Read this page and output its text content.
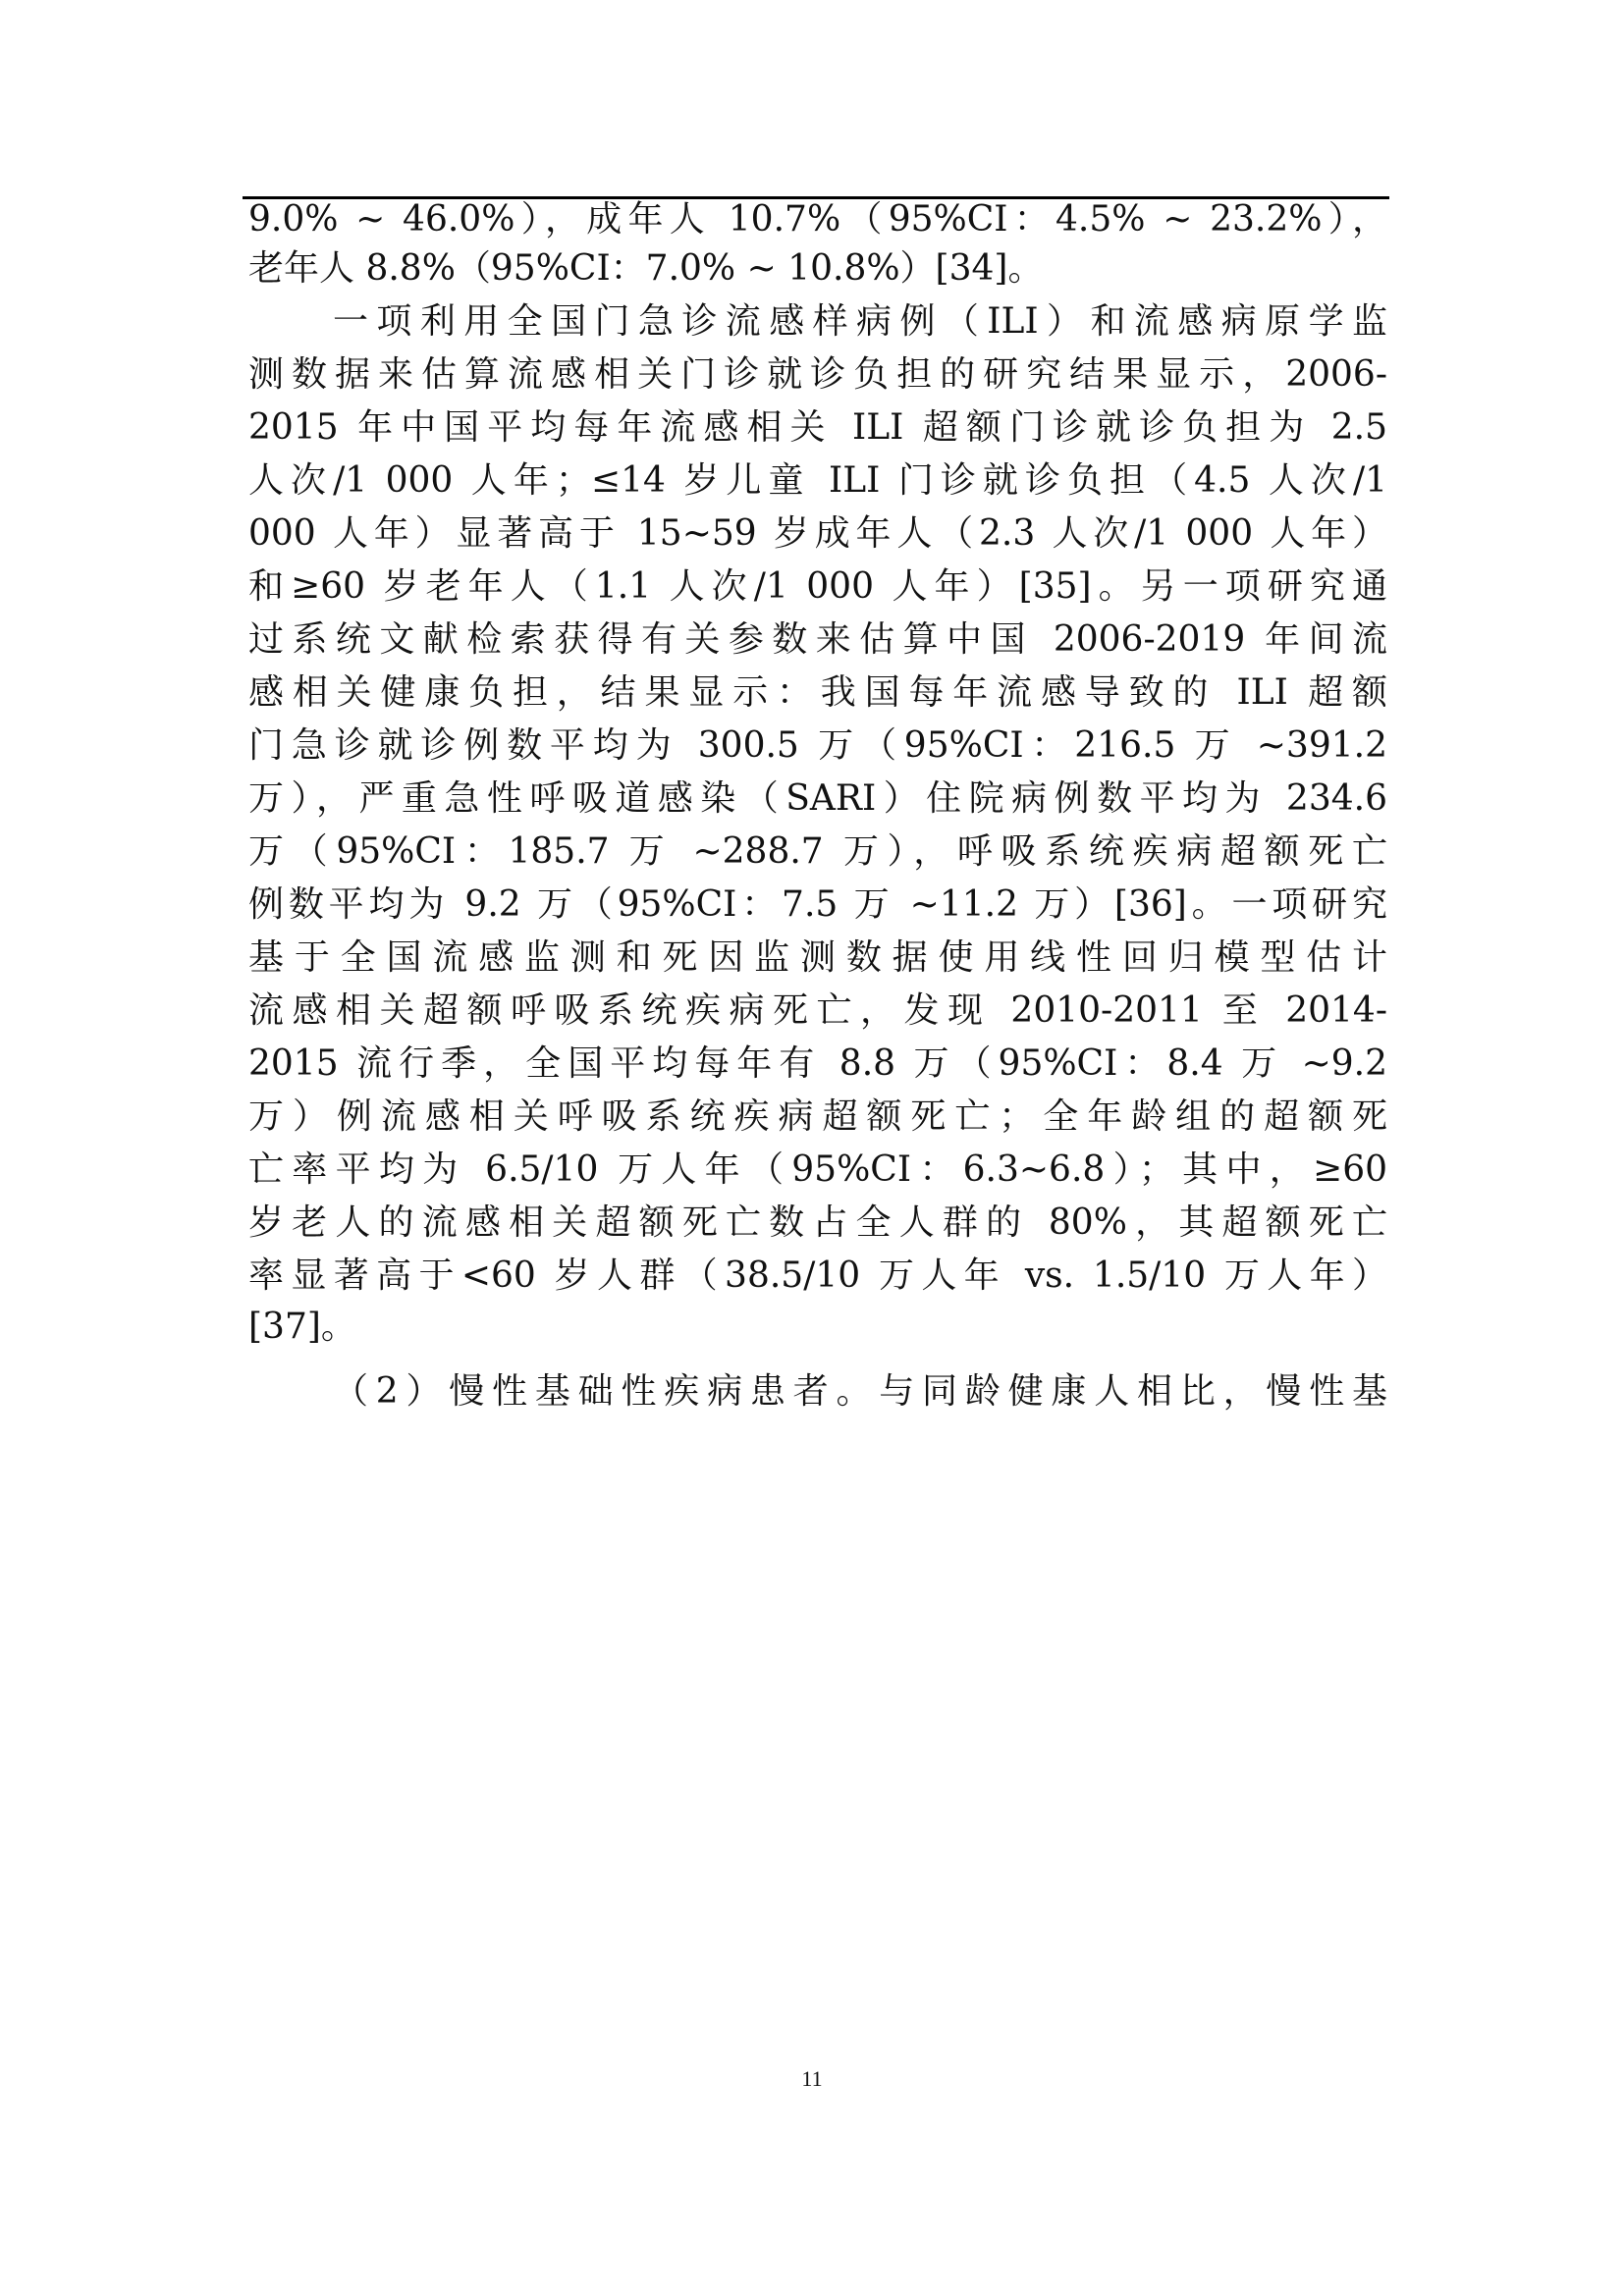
9.0% ~ 46.0%），成年人 10.7%（95%CI：4.5% ~ 23.2%），
老年人 8.8%（95%CI：7.0% ~ 10.8%）[34]。
一项利用全国门急诊流感样病例（ILI）和流感病原学监
测数据来估算流感相关门诊就诊负担的研究结果显示，2006-
2015 年中国平均每年流感相关 ILI 超额门诊就诊负担为 2.5
人次/1 000 人年；≤14 岁儿童 ILI 门诊就诊负担（4.5 人次/1
000 人年）显著高于 15~59 岁成年人（2.3 人次/1 000 人年）
和≥60 岁老年人（1.1 人次/1 000 人年）[35]。另一项研究通
过系统文献检索获得有关参数来估算中国 2006-2019 年间流
感相关健康负担，结果显示：我国每年流感导致的 ILI 超额
门急诊就诊例数平均为 300.5 万（95%CI：216.5 万 ~391.2
万），严重急性呼吸道感染（SARI）住院病例数平均为 234.6
万（95%CI：185.7 万 ~288.7 万），呼吸系统疾病超额死亡
例数平均为 9.2 万（95%CI：7.5 万 ~11.2 万）[36]。一项研究
基于全国流感监测和死因监测数据使用线性回归模型估计
流感相关超额呼吸系统疾病死亡，发现 2010-2011 至 2014-
2015 流行季，全国平均每年有 8.8 万（95%CI：8.4 万 ~9.2
万）例流感相关呼吸系统疾病超额死亡；全年龄组的超额死
亡率平均为 6.5/10 万人年（95%CI：6.3~6.8）；其中，≥60
岁老人的流感相关超额死亡数占全人群的 80%，其超额死亡
率显著高于<60 岁人群（38.5/10 万人年 vs. 1.5/10 万人年）
[37]。
（2）慢性基础性疾病患者。与同龄健康人相比，慢性基
11
